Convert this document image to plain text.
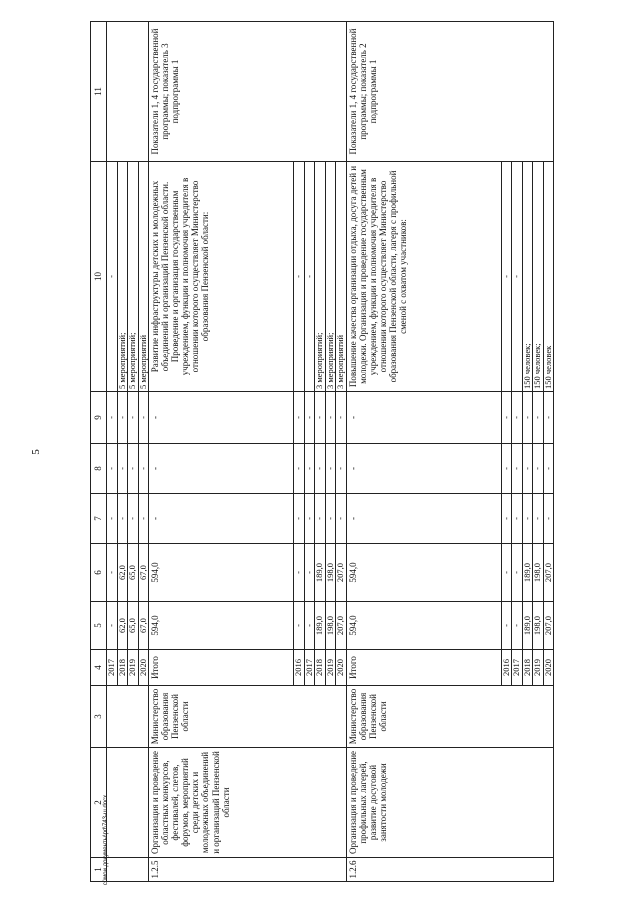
5
c:\мои документы\pd\743-ш.docx
1	2	3	4	5	6	7	8	9	10	11
			2017	-	-	-	-	-	-	
			2018	62,0	62,0	-	-	-	5 мероприятий;	
			2019	65,0	65,0	-	-	-	5 мероприятий;	
			2020	67,0	67,0	-	-	-	5 мероприятий	
1.2.5	Организация и проведение областных конкурсов, фестивалей, слетов, форумов, мероприятий среди детских и молодежных объединений и организаций Пензенской области	Министерство образования Пензенской области	Итого	594,0	594,0	-	-	-	Развитие инфраструктуры детских и молодежных объединений и организаций Пензенской области. Проведение и организация государственным учреждением, функции и полномочия учредителя в отношении которого осуществляет Министерство образования Пензенской области:	Показатели 1, 4 государственной программы; показатель 3 подпрограммы 1
			2016	-	-	-	-	-	-	
			2017	-	-	-	-	-	-	
			2018	189,0	189,0	-	-	-	3 мероприятий;	
			2019	198,0	198,0	-	-	-	3 мероприятий;	
			2020	207,0	207,0	-	-	-	3 мероприятий	
1.2.6	Организация и проведение профильных лагерей, развитие досуговой занятости молодежи	Министерство образования Пензенской области	Итого	594,0	594,0	-	-	-	Повышение качества организации отдыха, досуга детей и молодежи. Организация и проведение государственным учреждением, функции и полномочия учредителя в отношении которого осуществляет Министерство образования Пензенской области, лагеря с профильной сменой с охватом участников:	Показатели 1, 4 государственной программы; показатель 2 подпрограммы 1
			2016	-	-	-	-	-	-	
			2017	-	-	-	-	-	-	
			2018	189,0	189,0	-	-	-	150 человек;	
			2019	198,0	198,0	-	-	-	150 человек;	
			2020	207,0	207,0	-	-	-	150 человек	
